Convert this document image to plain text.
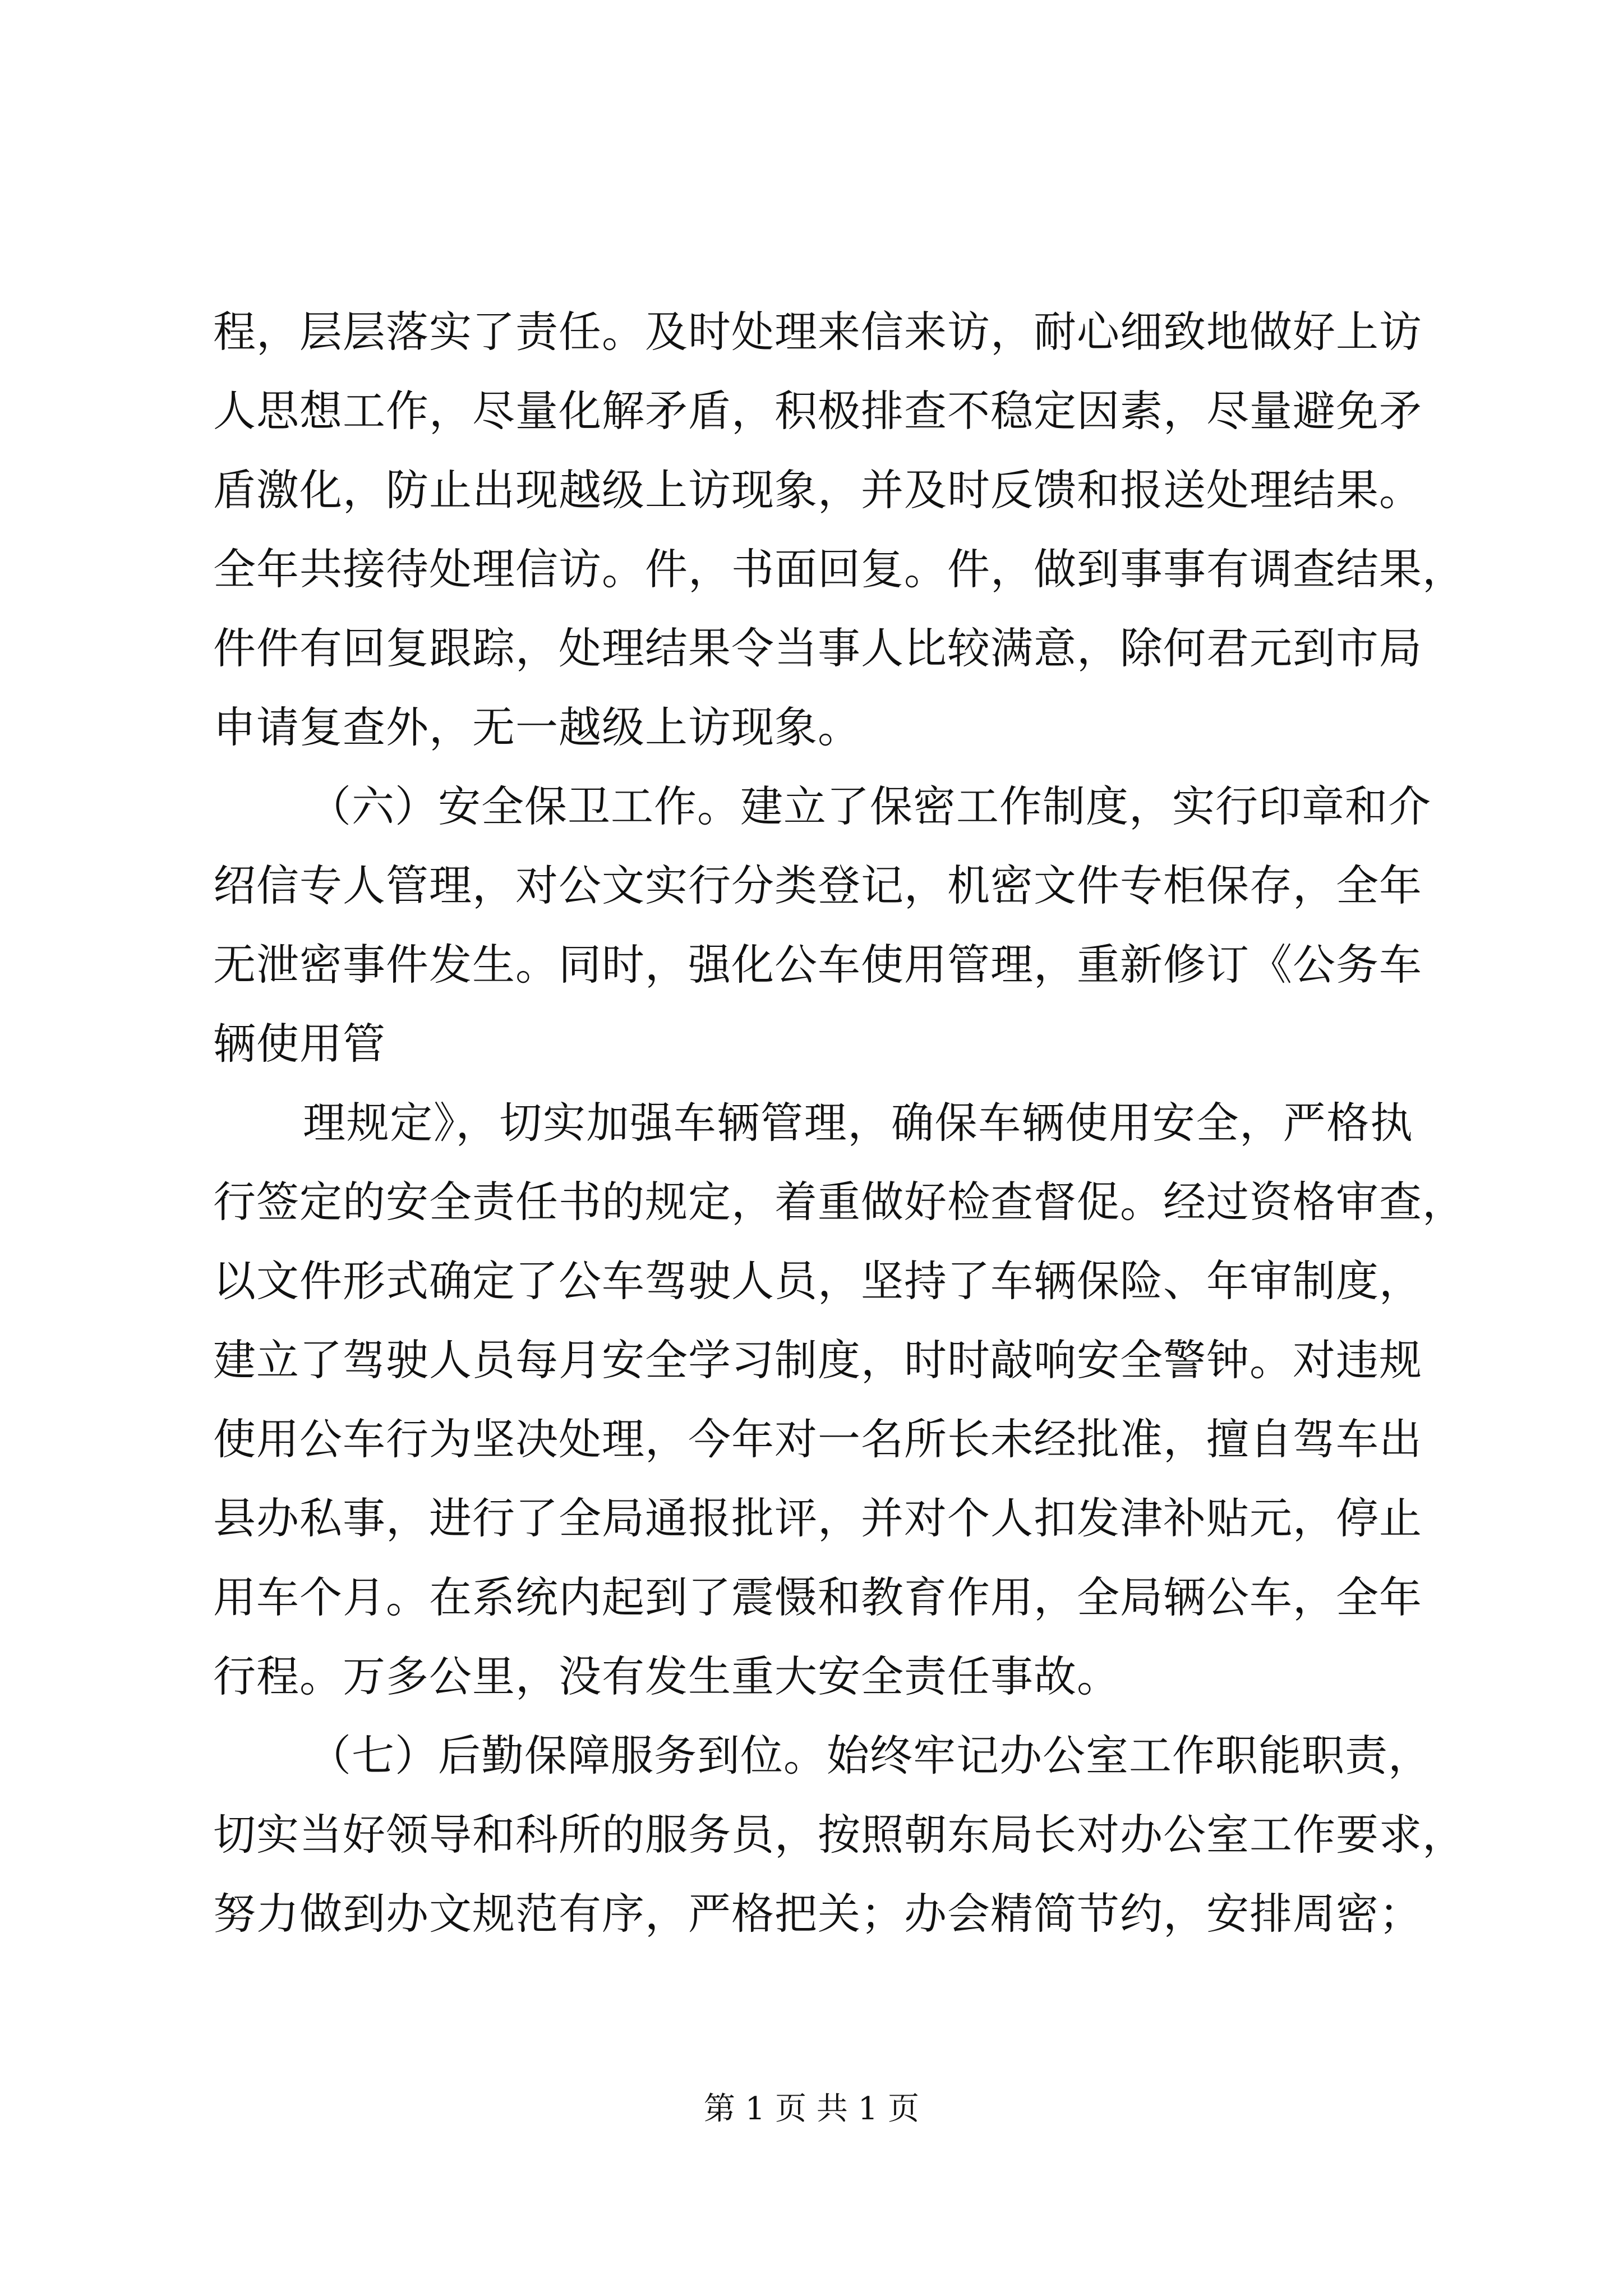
程，层层落实了责任。及时处理来信来访，耐心细致地做好上访
人思想工作，尽量化解矛盾，积极排查不稳定因素，尽量避免矛
盾激化，防止出现越级上访现象，并及时反馈和报送处理结果。
全年共接待处理信访。件，书面回复。件，做到事事有调查结果，
件件有回复跟踪，处理结果令当事人比较满意，除何君元到市局
申请复查外，无一越级上访现象。
（六）安全保卫工作。建立了保密工作制度，实行印章和介
绍信专人管理，对公文实行分类登记，机密文件专柜保存，全年
无泄密事件发生。同时，强化公车使用管理，重新修订《公务车
辆使用管
理规定》，切实加强车辆管理，确保车辆使用安全，严格执
行签定的安全责任书的规定，着重做好检查督促。经过资格审查，
以文件形式确定了公车驾驶人员，坚持了车辆保险、年审制度，
建立了驾驶人员每月安全学习制度，时时敲响安全警钟。对违规
使用公车行为坚决处理，今年对一名所长未经批准，擅自驾车出
县办私事，进行了全局通报批评，并对个人扣发津补贴元，停止
用车个月。在系统内起到了震慑和教育作用，全局辆公车，全年
行程。万多公里，没有发生重大安全责任事故。
（七）后勤保障服务到位。始终牢记办公室工作职能职责，
切实当好领导和科所的服务员，按照朝东局长对办公室工作要求，
努力做到办文规范有序，严格把关；办会精简节约，安排周密；
第 1 页 共 1 页
